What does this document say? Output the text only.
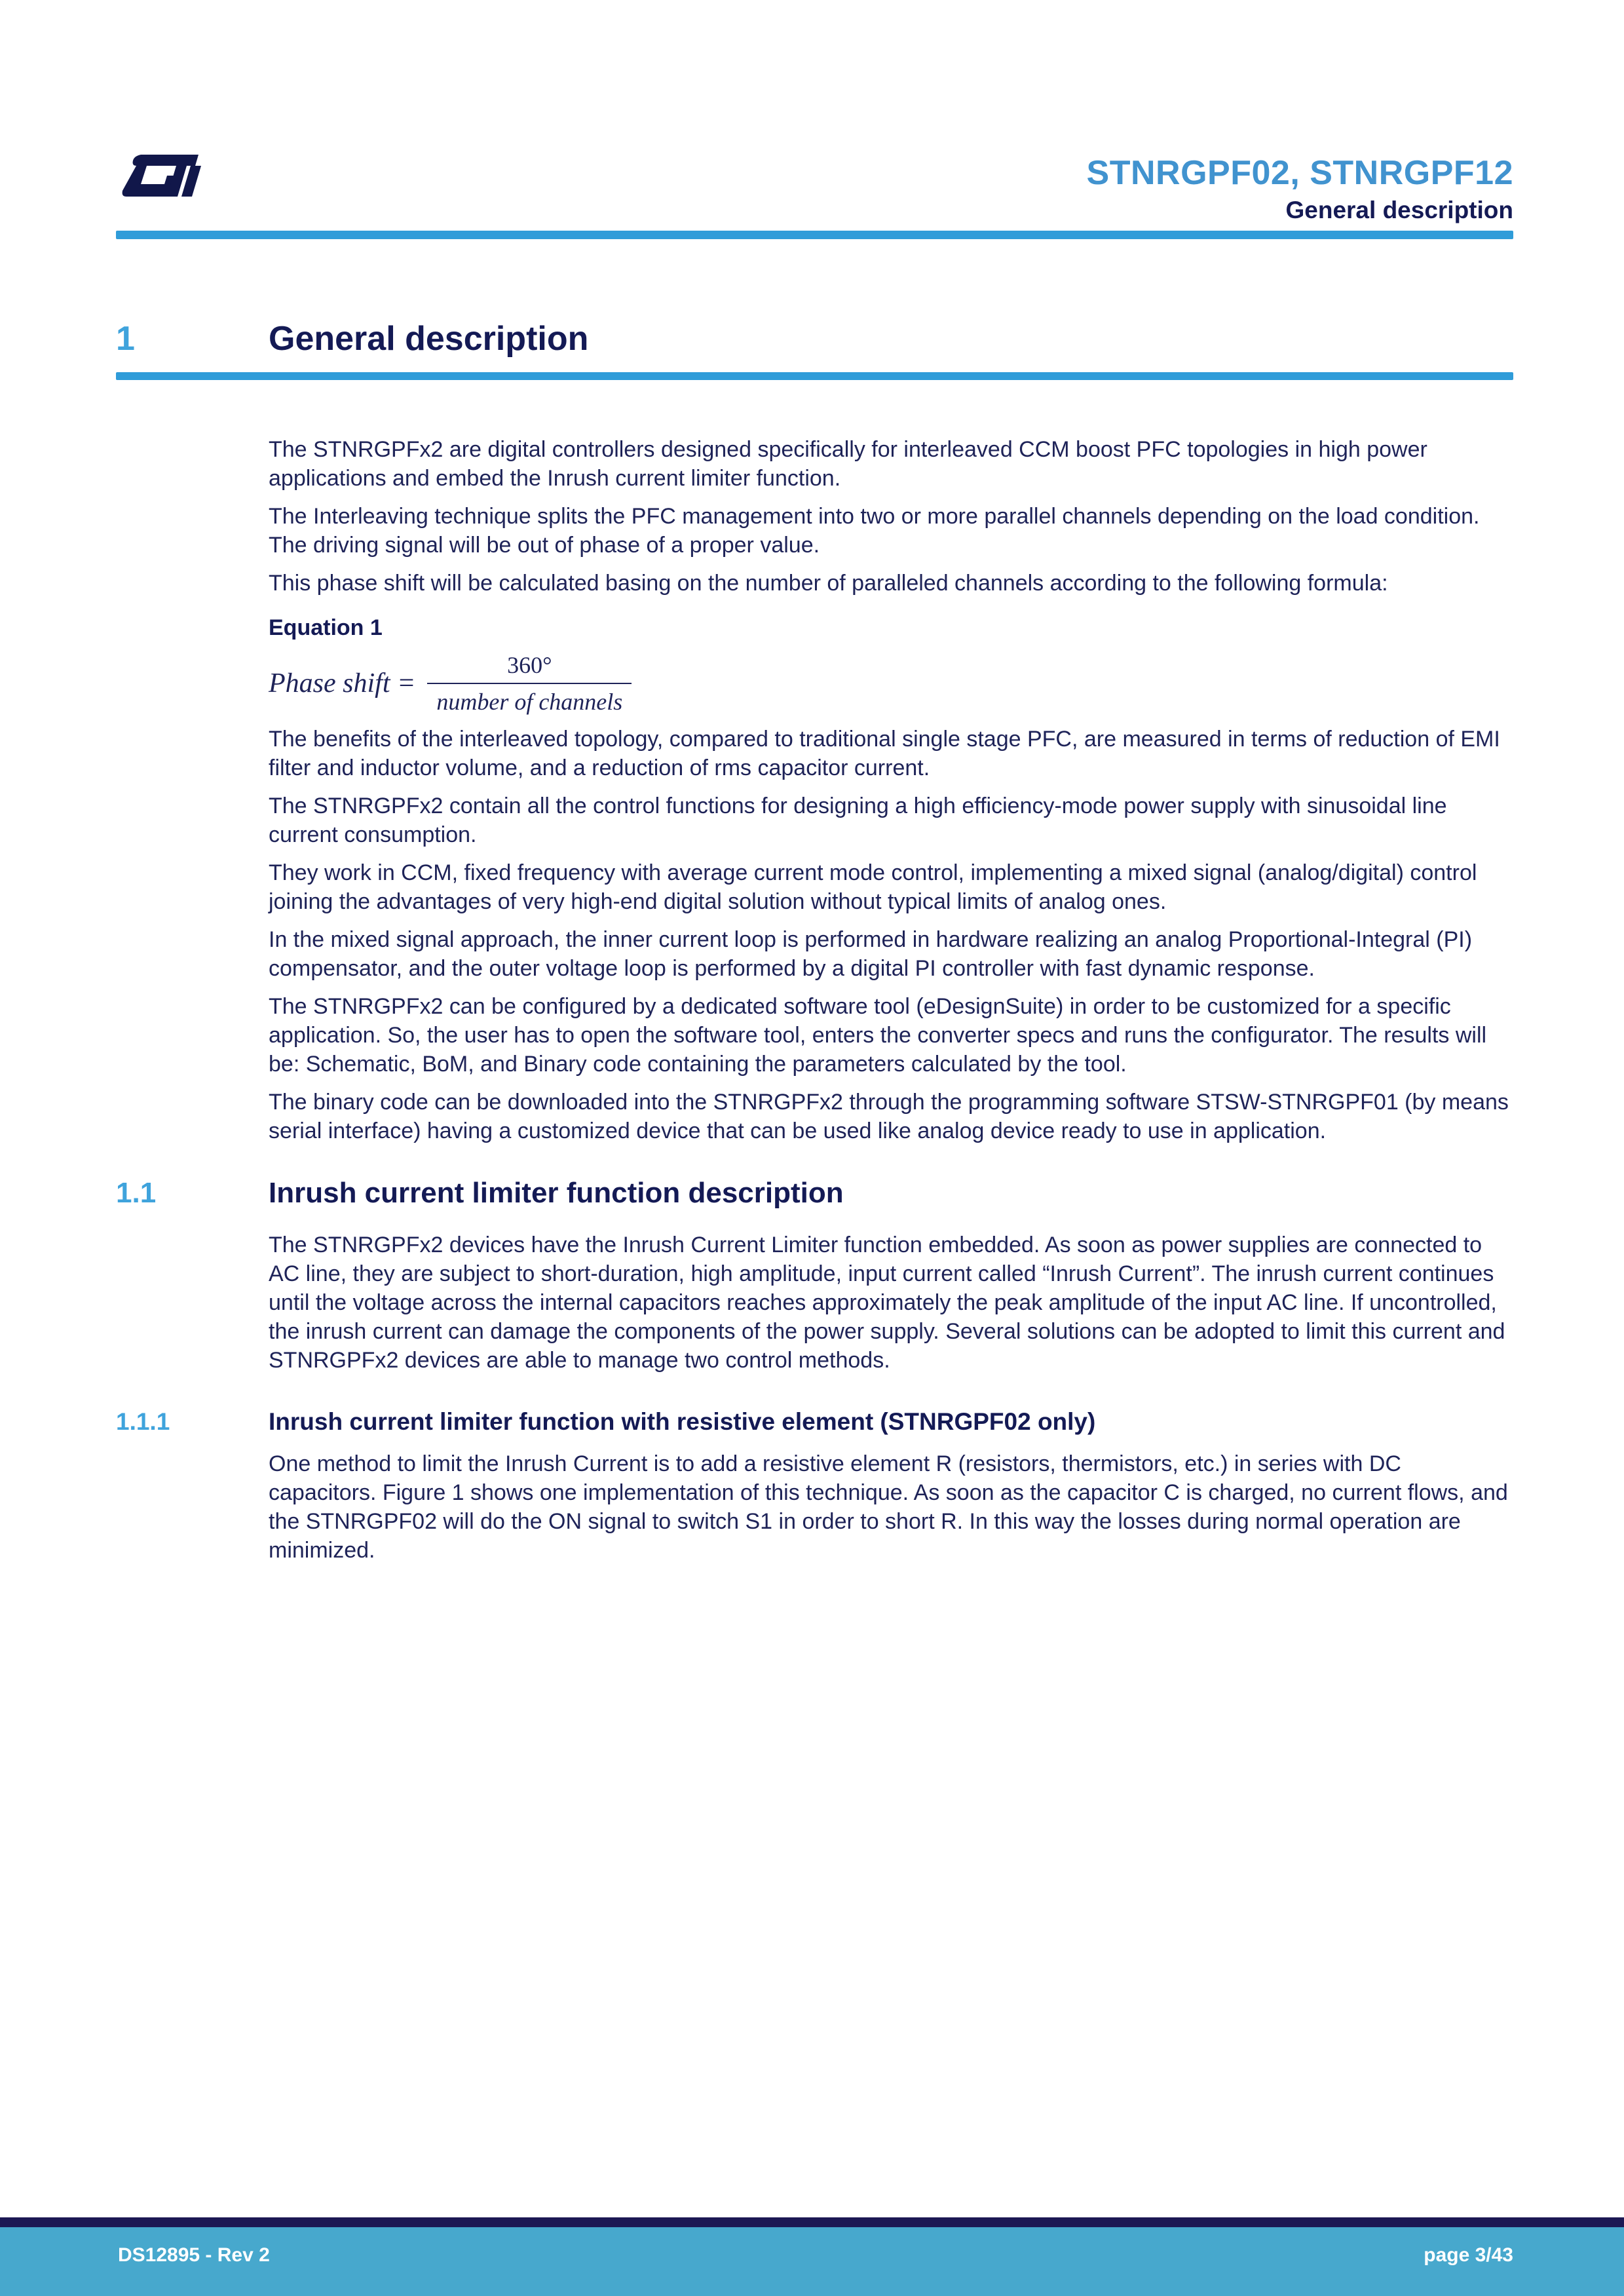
STNRGPF02, STNRGPF12
General description
1	General description

The STNRGPFx2 are digital controllers designed specifically for interleaved CCM boost PFC topologies in high power applications and embed the Inrush current limiter function.

The Interleaving technique splits the PFC management into two or more parallel channels depending on the load condition. The driving signal will be out of phase of a proper value.

This phase shift will be calculated basing on the number of paralleled channels according to the following formula:

Equation 1

Phase shift = $\frac{360^\circ}{\text{number of channels}}$

The benefits of the interleaved topology, compared to traditional single stage PFC, are measured in terms of reduction of EMI filter and inductor volume, and a reduction of rms capacitor current.

The STNRGPFx2 contain all the control functions for designing a high efficiency-mode power supply with sinusoidal line current consumption.

They work in CCM, fixed frequency with average current mode control, implementing a mixed signal (analog/digital) control joining the advantages of very high-end digital solution without typical limits of analog ones.

In the mixed signal approach, the inner current loop is performed in hardware realizing an analog Proportional-Integral (PI) compensator, and the outer voltage loop is performed by a digital PI controller with fast dynamic response.

The STNRGPFx2 can be configured by a dedicated software tool (eDesignSuite) in order to be customized for a specific application. So, the user has to open the software tool, enters the converter specs and runs the configurator. The results will be: Schematic, BoM, and Binary code containing the parameters calculated by the tool.

The binary code can be downloaded into the STNRGPFx2 through the programming software STSW-STNRGPF01 (by means serial interface) having a customized device that can be used like analog device ready to use in application.

1.1	Inrush current limiter function description

The STNRGPFx2 devices have the Inrush Current Limiter function embedded. As soon as power supplies are connected to AC line, they are subject to short-duration, high amplitude, input current called “Inrush Current”. The inrush current continues until the voltage across the internal capacitors reaches approximately the peak amplitude of the input AC line. If uncontrolled, the inrush current can damage the components of the power supply. Several solutions can be adopted to limit this current and STNRGPFx2 devices are able to manage two control methods.

1.1.1	Inrush current limiter function with resistive element (STNRGPF02 only)

One method to limit the Inrush Current is to add a resistive element R (resistors, thermistors, etc.) in series with DC capacitors. Figure 1 shows one implementation of this technique. As soon as the capacitor C is charged, no current flows, and the STNRGPF02 will do the ON signal to switch S1 in order to short R. In this way the losses during normal operation are minimized.

DS12895 - Rev 2	page 3/43
